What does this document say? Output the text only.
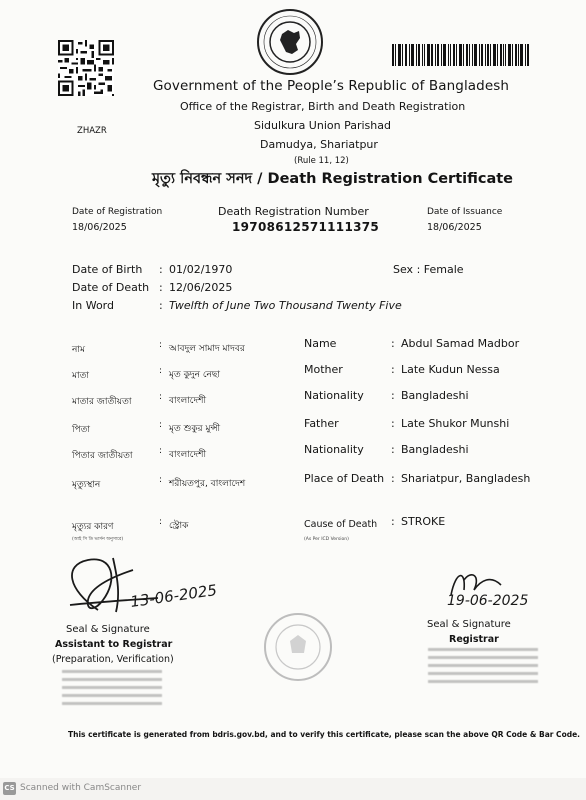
ZHAZR
Government of the People’s Republic of Bangladesh
Office of the Registrar, Birth and Death Registration
Sidulkura Union Parishad
Damudya, Shariatpur
(Rule 11, 12)
মৃত্যু নিবন্ধন সনদ / Death Registration Certificate
Date of Registration
18/06/2025
Death Registration Number
19708612571111375
Date of Issuance
18/06/2025
Date of Birth : 01/02/1970	Sex : Female
Date of Death : 12/06/2025
In Word	: Twelfth of June Two Thousand Twenty Five
নাম	: আবদুল সামাদ মাদবর
মাতা	: মৃত কুদুন নেছা
মাতার জাতীয়তা	: বাংলাদেশী
পিতা	: মৃত শুকুর মুন্সী
পিতার জাতীয়তা	: বাংলাদেশী
মৃত্যুস্থান	: শরীয়তপুর, বাংলাদেশ
মৃত্যুর কারণ	: স্ট্রোক
(আই সি ডি ভার্সন অনুসারে)
Name	: Abdul Samad Madbor
Mother	: Late Kudun Nessa
Nationality : Bangladeshi
Father	: Late Shukor Munshi
Nationality : Bangladeshi
Place of Death : Shariatpur, Bangladesh
Cause of Death : STROKE
(As Per ICD Version)
13-06-2025
Seal & Signature
Assistant to Registrar
(Preparation, Verification)
19-06-2025
Seal & Signature
Registrar
This certificate is generated from bdris.gov.bd, and to verify this certificate, please scan the above QR Code & Bar Code.
CS Scanned with CamScanner
